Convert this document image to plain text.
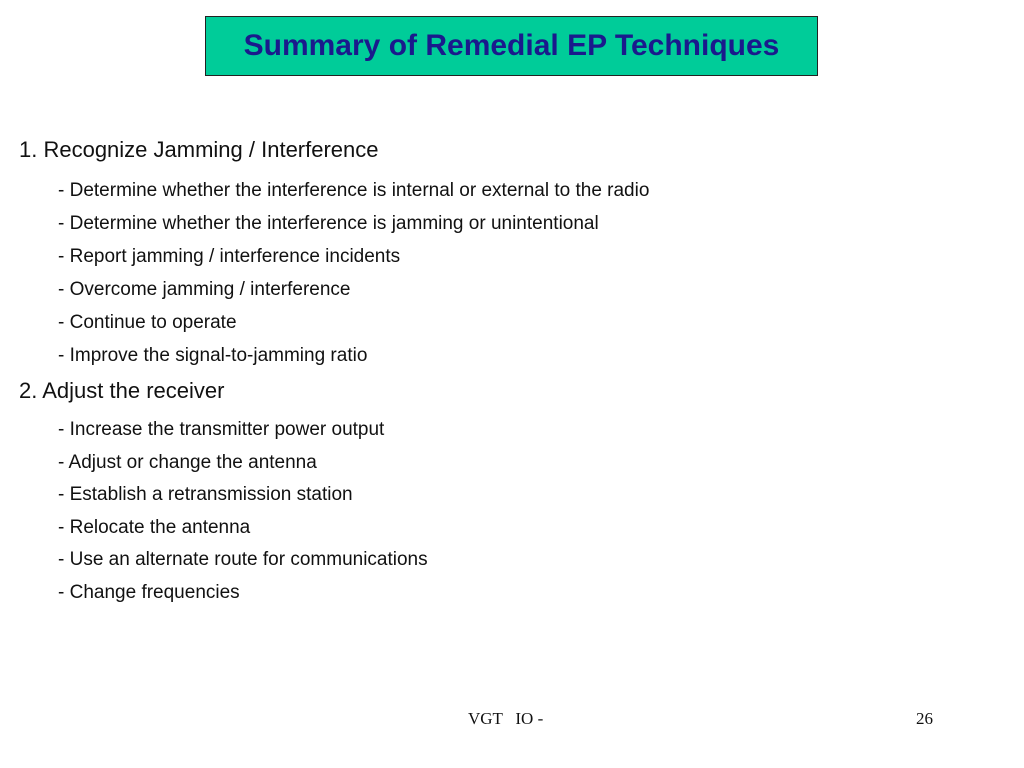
Summary of Remedial EP Techniques
1. Recognize Jamming / Interference
- Determine whether the interference is internal or external to the radio
- Determine whether the interference is jamming or unintentional
- Report jamming / interference incidents
- Overcome jamming / interference
- Continue to operate
- Improve the signal-to-jamming ratio
2. Adjust the receiver
- Increase the transmitter power output
- Adjust or change the antenna
- Establish a retransmission station
- Relocate the antenna
- Use an alternate route for communications
- Change frequencies
VGT   IO -	26
